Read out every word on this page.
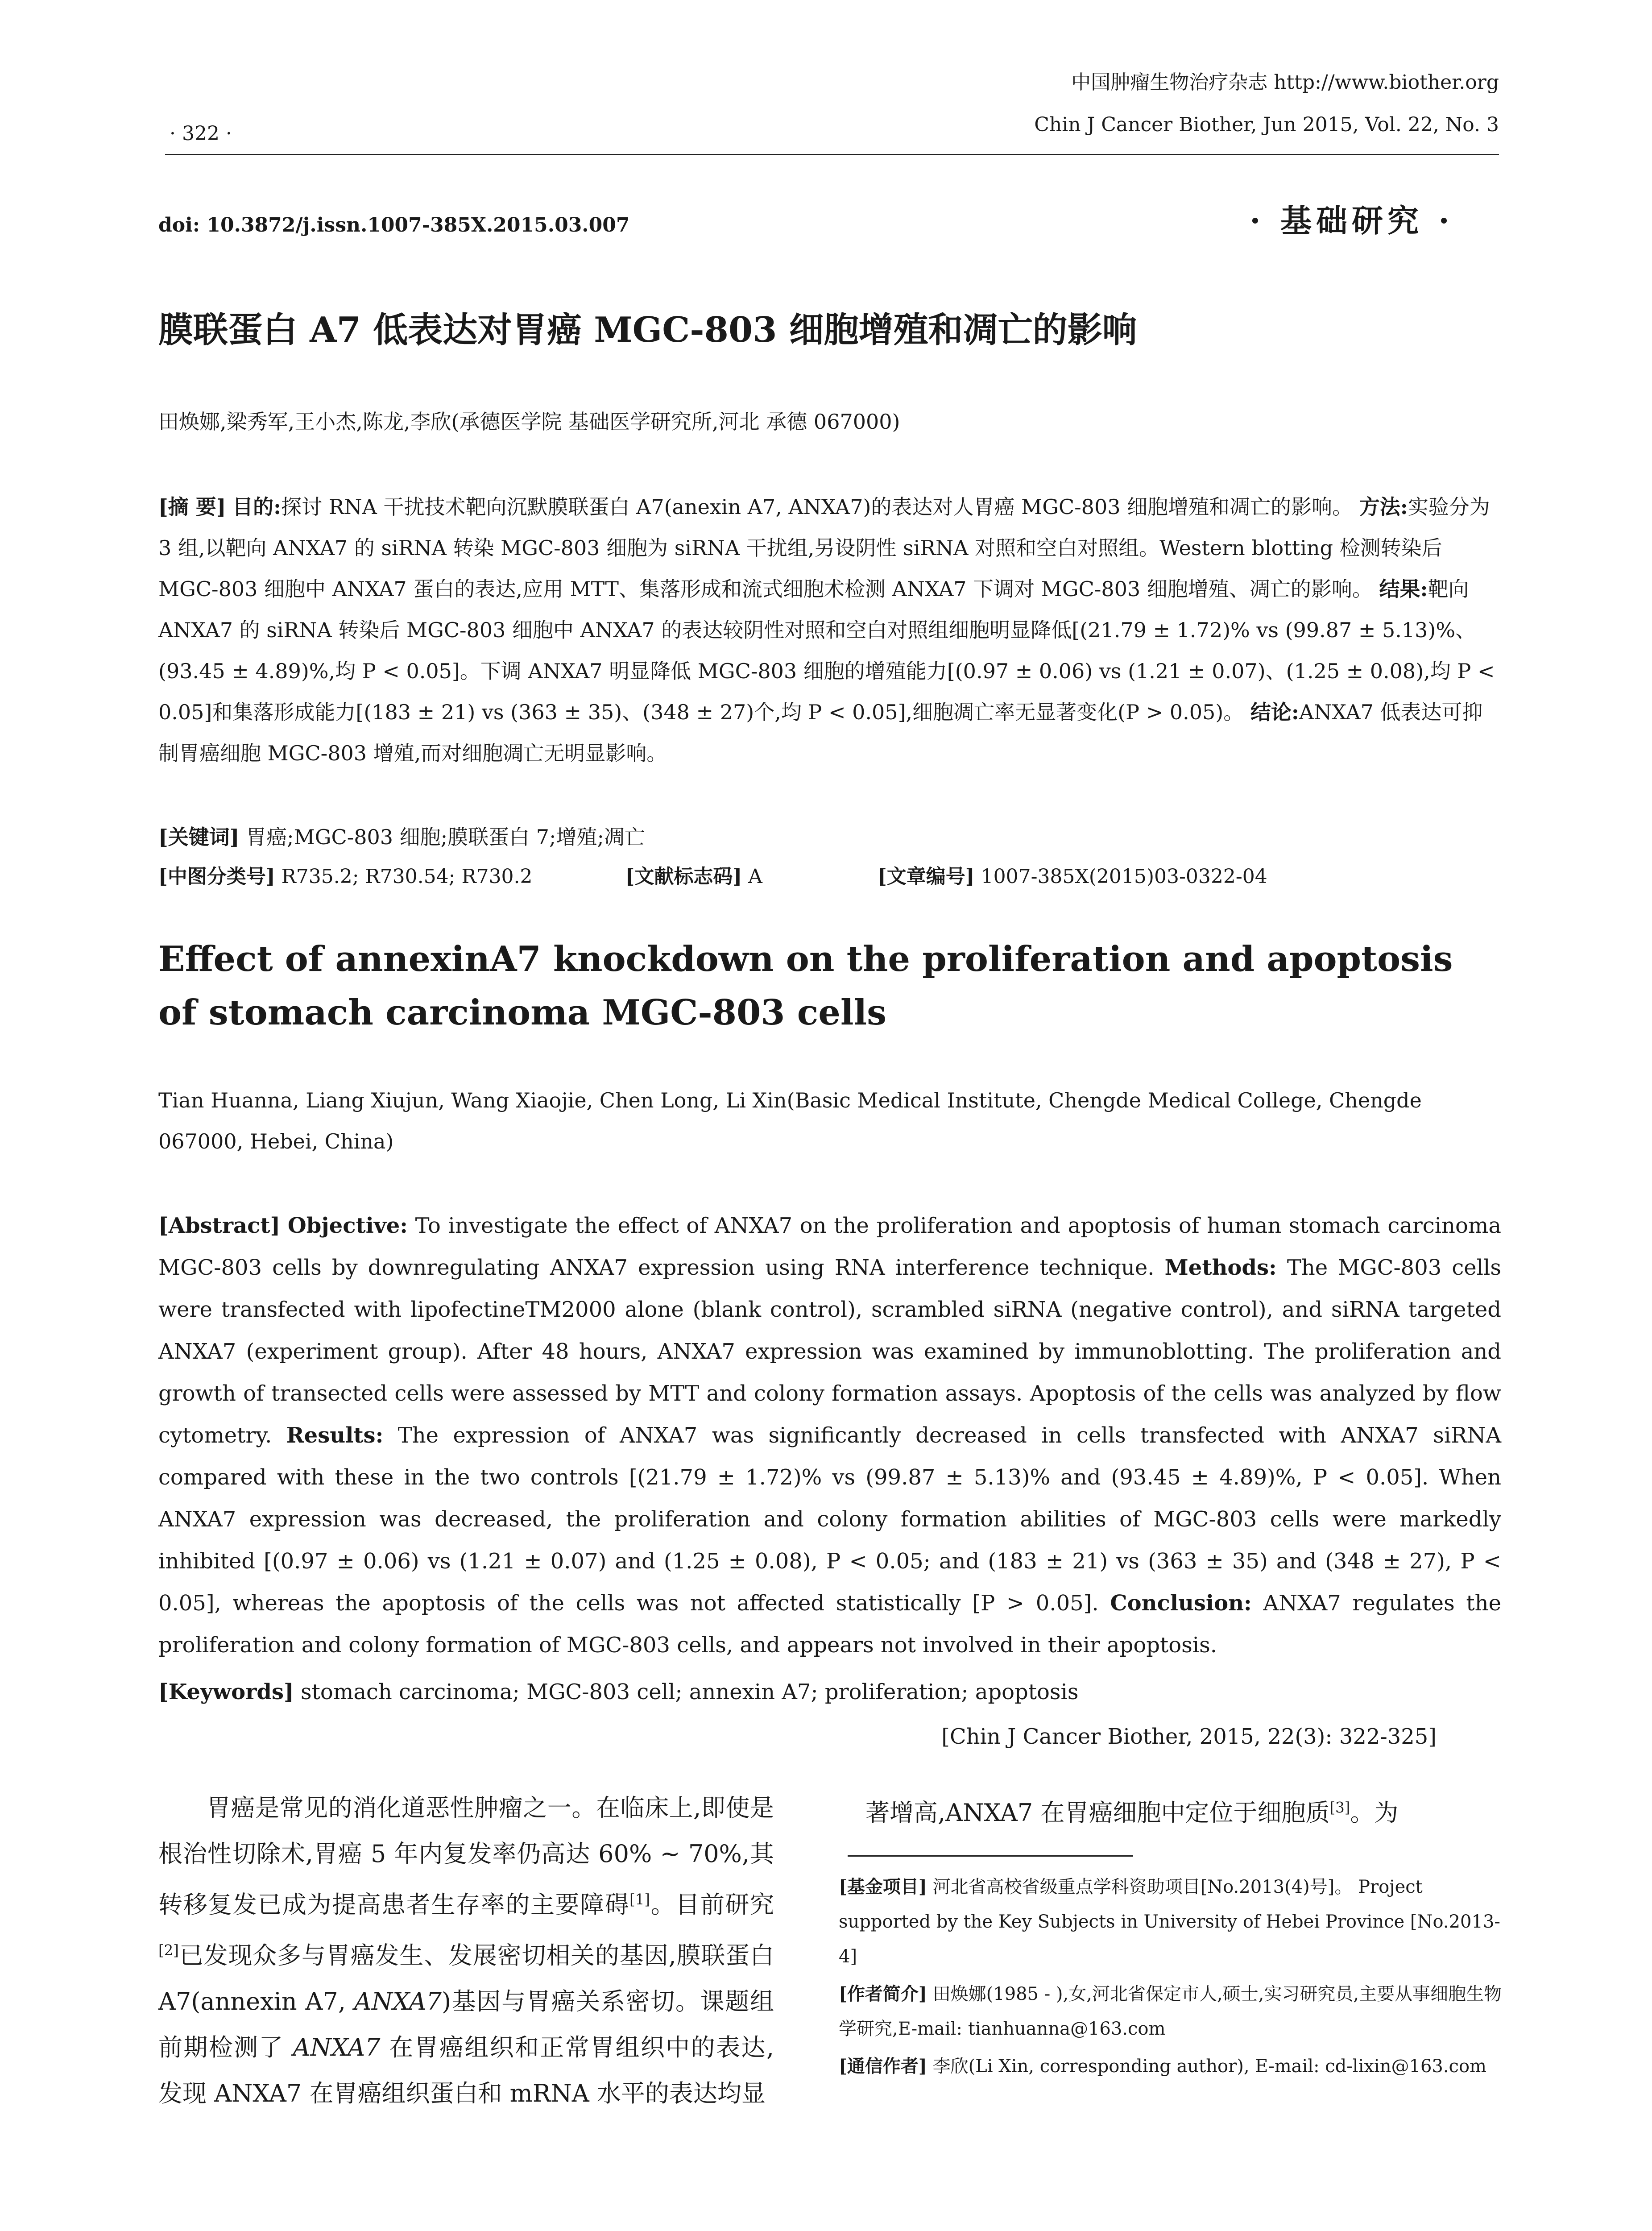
中国肿瘤生物治疗杂志 http://www.biother.org
Chin J Cancer Biother, Jun 2015, Vol. 22, No. 3
· 322 ·
doi: 10.3872/j.issn.1007-385X.2015.03.007	· 基础研究 ·
膜联蛋白 A7 低表达对胃癌 MGC-803 细胞增殖和凋亡的影响
田焕娜,梁秀军,王小杰,陈龙,李欣(承德医学院 基础医学研究所,河北 承德 067000)
[摘 要] 目的:探讨 RNA 干扰技术靶向沉默膜联蛋白 A7(anexin A7, ANXA7)的表达对人胃癌 MGC-803 细胞增殖和凋亡的影响。 方法:实验分为 3 组,以靶向 ANXA7 的 siRNA 转染 MGC-803 细胞为 siRNA 干扰组,另设阴性 siRNA 对照和空白对照组。Western blotting 检测转染后 MGC-803 细胞中 ANXA7 蛋白的表达,应用 MTT、集落形成和流式细胞术检测 ANXA7 下调对 MGC-803 细胞增殖、凋亡的影响。 结果:靶向 ANXA7 的 siRNA 转染后 MGC-803 细胞中 ANXA7 的表达较阴性对照和空白对照组细胞明显降低[(21.79 ± 1.72)% vs (99.87 ± 5.13)%、(93.45 ± 4.89)%,均 P < 0.05]。下调 ANXA7 明显降低 MGC-803 细胞的增殖能力[(0.97 ± 0.06) vs (1.21 ± 0.07)、(1.25 ± 0.08),均 P < 0.05]和集落形成能力[(183 ± 21) vs (363 ± 35)、(348 ± 27)个,均 P < 0.05],细胞凋亡率无显著变化(P > 0.05)。 结论:ANXA7 低表达可抑制胃癌细胞 MGC-803 增殖,而对细胞凋亡无明显影响。
[关键词] 胃癌;MGC-803 细胞;膜联蛋白 7;增殖;凋亡
[中图分类号] R735.2; R730.54; R730.2	[文献标志码] A	[文章编号] 1007-385X(2015)03-0322-04
Effect of annexinA7 knockdown on the proliferation and apoptosis of stomach carcinoma MGC-803 cells
Tian Huanna, Liang Xiujun, Wang Xiaojie, Chen Long, Li Xin(Basic Medical Institute, Chengde Medical College, Chengde 067000, Hebei, China)
[Abstract] Objective: To investigate the effect of ANXA7 on the proliferation and apoptosis of human stomach carcinoma MGC-803 cells by downregulating ANXA7 expression using RNA interference technique. Methods: The MGC-803 cells were transfected with lipofectineTM2000 alone (blank control), scrambled siRNA (negative control), and siRNA targeted ANXA7 (experiment group). After 48 hours, ANXA7 expression was examined by immunoblotting. The proliferation and growth of transected cells were assessed by MTT and colony formation assays. Apoptosis of the cells was analyzed by flow cytometry. Results: The expression of ANXA7 was significantly decreased in cells transfected with ANXA7 siRNA compared with these in the two controls [(21.79 ± 1.72)% vs (99.87 ± 5.13)% and (93.45 ± 4.89)%, P < 0.05]. When ANXA7 expression was decreased, the proliferation and colony formation abilities of MGC-803 cells were markedly inhibited [(0.97 ± 0.06) vs (1.21 ± 0.07) and (1.25 ± 0.08), P < 0.05; and (183 ± 21) vs (363 ± 35) and (348 ± 27), P < 0.05], whereas the apoptosis of the cells was not affected statistically [P > 0.05]. Conclusion: ANXA7 regulates the proliferation and colony formation of MGC-803 cells, and appears not involved in their apoptosis.
[Keywords] stomach carcinoma; MGC-803 cell; annexin A7; proliferation; apoptosis
[Chin J Cancer Biother, 2015, 22(3): 322-325]
胃癌是常见的消化道恶性肿瘤之一。在临床上,即使是根治性切除术,胃癌 5 年内复发率仍高达 60% ~ 70%,其转移复发已成为提高患者生存率的主要障碍[1]。目前研究[2]已发现众多与胃癌发生、发展密切相关的基因,膜联蛋白 A7(annexin A7, ANXA7)基因与胃癌关系密切。课题组前期检测了 ANXA7 在胃癌组织和正常胃组织中的表达,发现 ANXA7 在胃癌组织蛋白和 mRNA 水平的表达均显
著增高,ANXA7 在胃癌细胞中定位于细胞质[3]。为

[基金项目] 河北省高校省级重点学科资助项目[No.2013(4)号]。 Project supported by the Key Subjects in University of Hebei Province [No.2013-4]

[作者简介] 田焕娜(1985 - ),女,河北省保定市人,硕士,实习研究员,主要从事细胞生物学研究,E-mail: tianhuanna@163.com

[通信作者] 李欣(Li Xin, corresponding author), E-mail: cd-lixin@163.com
